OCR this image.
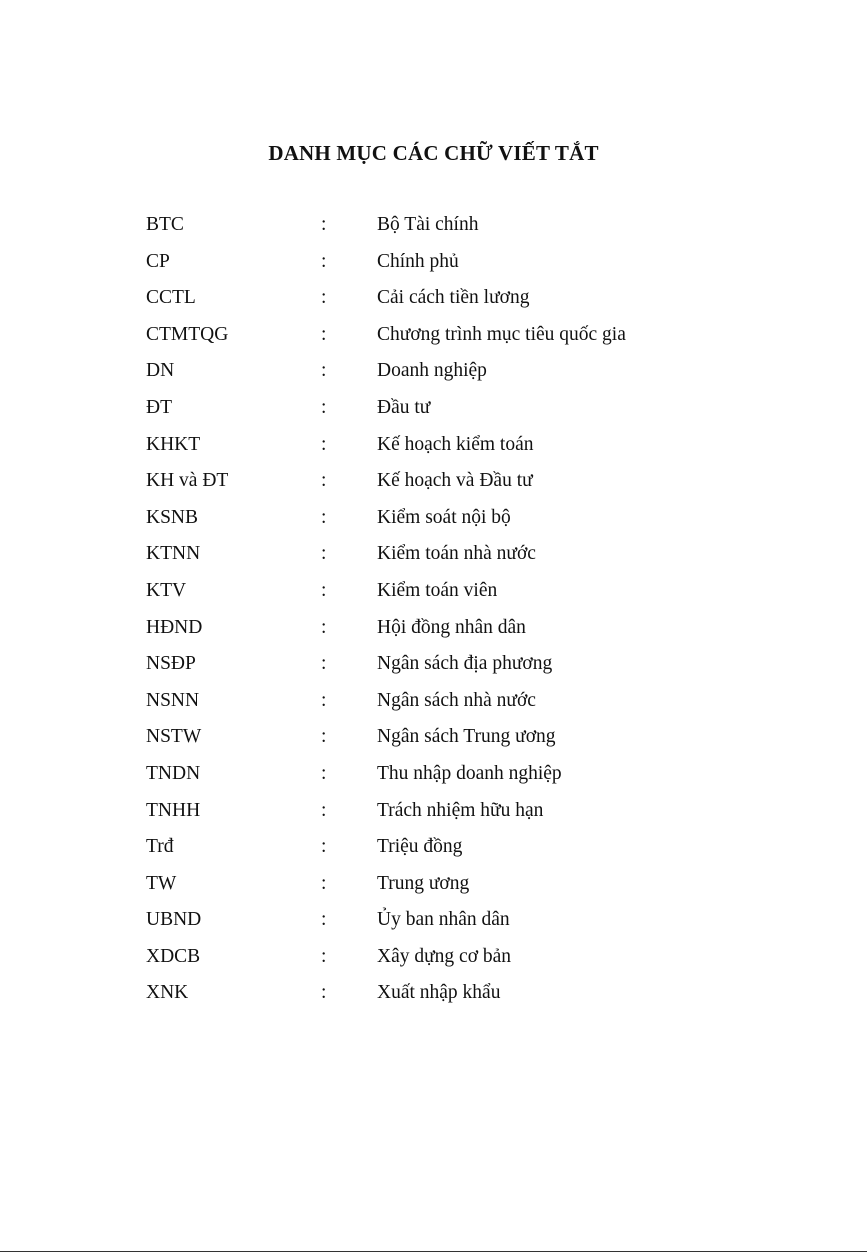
DANH MỤC CÁC CHỮ VIẾT TẮT
BTC	:	Bộ Tài chính
CP	:	Chính phủ
CCTL	:	Cải cách tiền lương
CTMTQG	:	Chương trình mục tiêu quốc gia
DN	:	Doanh nghiệp
ĐT	:	Đầu tư
KHKT	:	Kế hoạch kiểm toán
KH và ĐT	:	Kế hoạch và Đầu tư
KSNB	:	Kiểm soát nội bộ
KTNN	:	Kiểm toán nhà nước
KTV	:	Kiểm toán viên
HĐND	:	Hội đồng nhân dân
NSĐP	:	Ngân sách địa phương
NSNN	:	Ngân sách nhà nước
NSTW	:	Ngân sách Trung ương
TNDN	:	Thu nhập doanh nghiệp
TNHH	:	Trách nhiệm hữu hạn
Trđ	:	Triệu đồng
TW	:	Trung ương
UBND	:	Ủy ban nhân dân
XDCB	:	Xây dựng cơ bản
XNK	:	Xuất nhập khẩu
